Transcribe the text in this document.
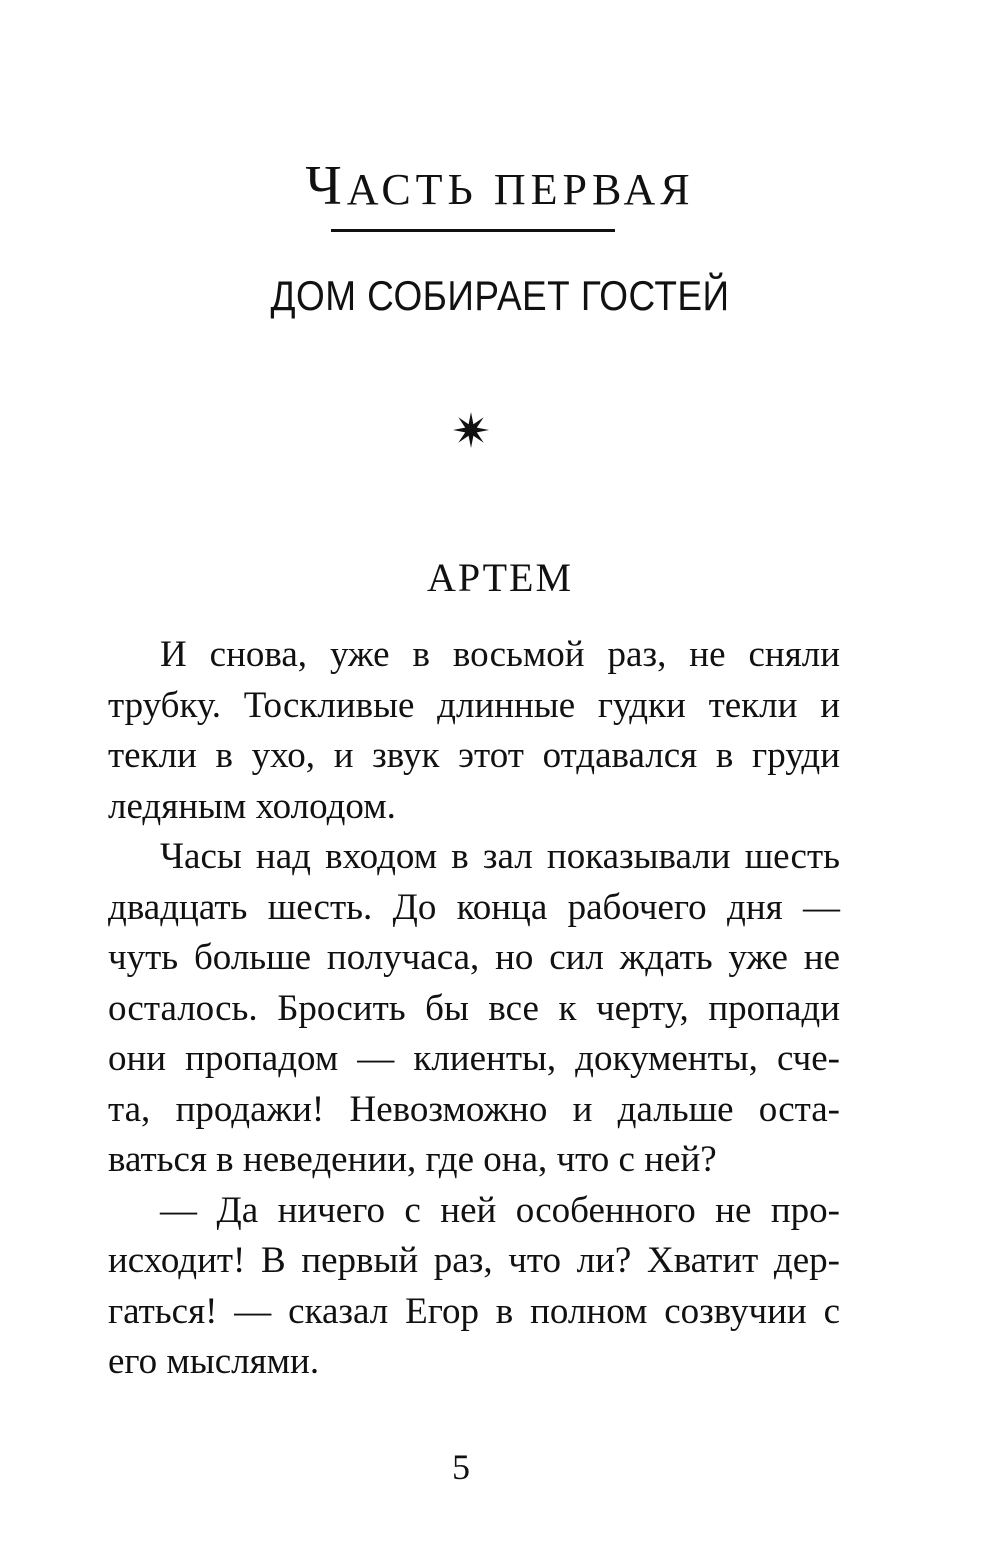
ЧАСТЬ ПЕРВАЯ
ДОМ СОБИРАЕТ ГОСТЕЙ
АРТЕМ
И снова, уже в восьмой раз, не сняли
трубку. Тоскливые длинные гудки текли и
текли в ухо, и звук этот отдавался в груди
ледяным холодом.
Часы над входом в зал показывали шесть
двадцать шесть. До конца рабочего дня —
чуть больше получаса, но сил ждать уже не
осталось. Бросить бы все к черту, пропади
они пропадом — клиенты, документы, сче-
та, продажи! Невозможно и дальше оста-
ваться в неведении, где она, что с ней?
— Да ничего с ней особенного не про-
исходит! В первый раз, что ли? Хватит дер-
гаться! — сказал Егор в полном созвучии с
его мыслями.
5
